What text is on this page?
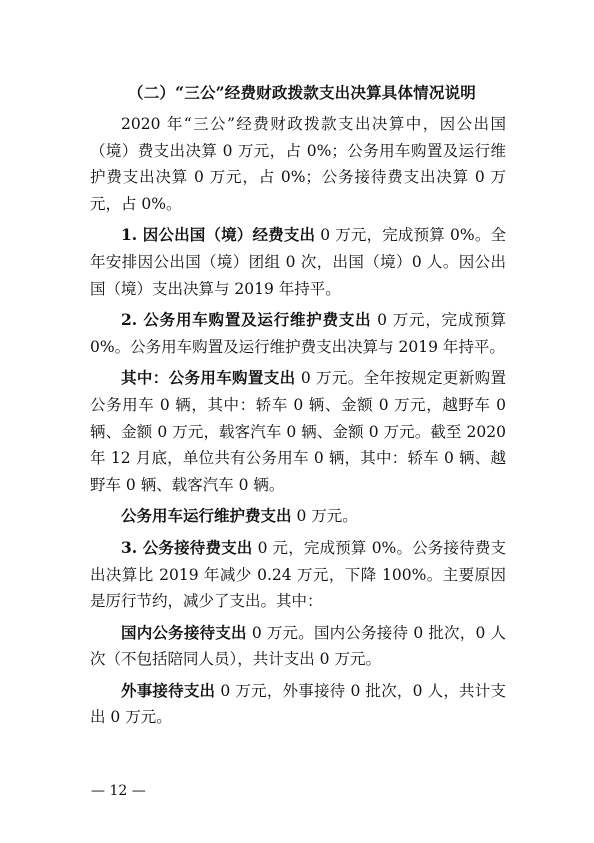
（二）“三公”经费财政拨款支出决算具体情况说明

2020 年“三公”经费财政拨款支出决算中，因公出国（境）费支出决算 0 万元，占 0%；公务用车购置及运行维护费支出决算 0 万元，占 0%；公务接待费支出决算 0 万元，占 0%。

1. 因公出国（境）经费支出 0 万元，完成预算 0%。全年安排因公出国（境）团组 0 次，出国（境）0 人。因公出国（境）支出决算与 2019 年持平。

2. 公务用车购置及运行维护费支出 0 万元，完成预算 0%。公务用车购置及运行维护费支出决算与 2019 年持平。

其中：公务用车购置支出 0 万元。全年按规定更新购置公务用车 0 辆，其中：轿车 0 辆、金额 0 万元，越野车 0 辆、金额 0 万元，载客汽车 0 辆、金额 0 万元。截至 2020 年 12 月底，单位共有公务用车 0 辆，其中：轿车 0 辆、越野车 0 辆、载客汽车 0 辆。

公务用车运行维护费支出 0 万元。

3. 公务接待费支出 0 元，完成预算 0%。公务接待费支出决算比 2019 年减少 0.24 万元，下降 100%。主要原因是厉行节约，减少了支出。其中：

国内公务接待支出 0 万元。国内公务接待 0 批次，0 人次（不包括陪同人员），共计支出 0 万元。

外事接待支出 0 万元，外事接待 0 批次，0 人，共计支出 0 万元。

— 12 —
